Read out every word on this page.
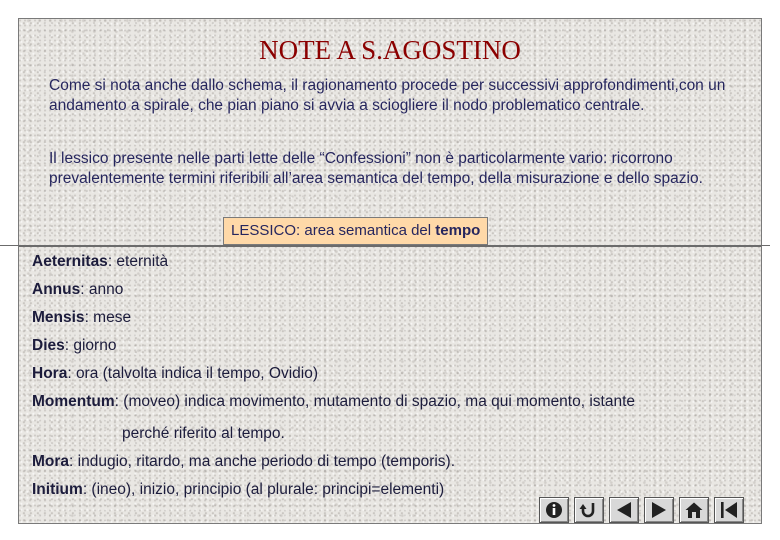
NOTE A S.AGOSTINO
Come si nota anche dallo schema, il ragionamento procede per successivi approfondimenti,con un andamento a spirale, che pian piano si avvia a sciogliere il nodo problematico centrale.
Il lessico presente nelle parti lette delle “Confessioni” non è particolarmente vario: ricorrono prevalentemente termini riferibili all’area semantica del tempo, della misurazione e dello spazio.
LESSICO: area semantica del tempo
Aeternitas: eternità
Annus: anno
Mensis: mese
Dies: giorno
Hora: ora (talvolta indica il tempo, Ovidio)
Momentum: (moveo) indica movimento, mutamento di spazio, ma qui momento, istante
perché riferito al tempo.
Mora: indugio, ritardo, ma anche periodo di tempo (temporis).
Initium: (ineo), inizio, principio (al plurale: principi=elementi)
